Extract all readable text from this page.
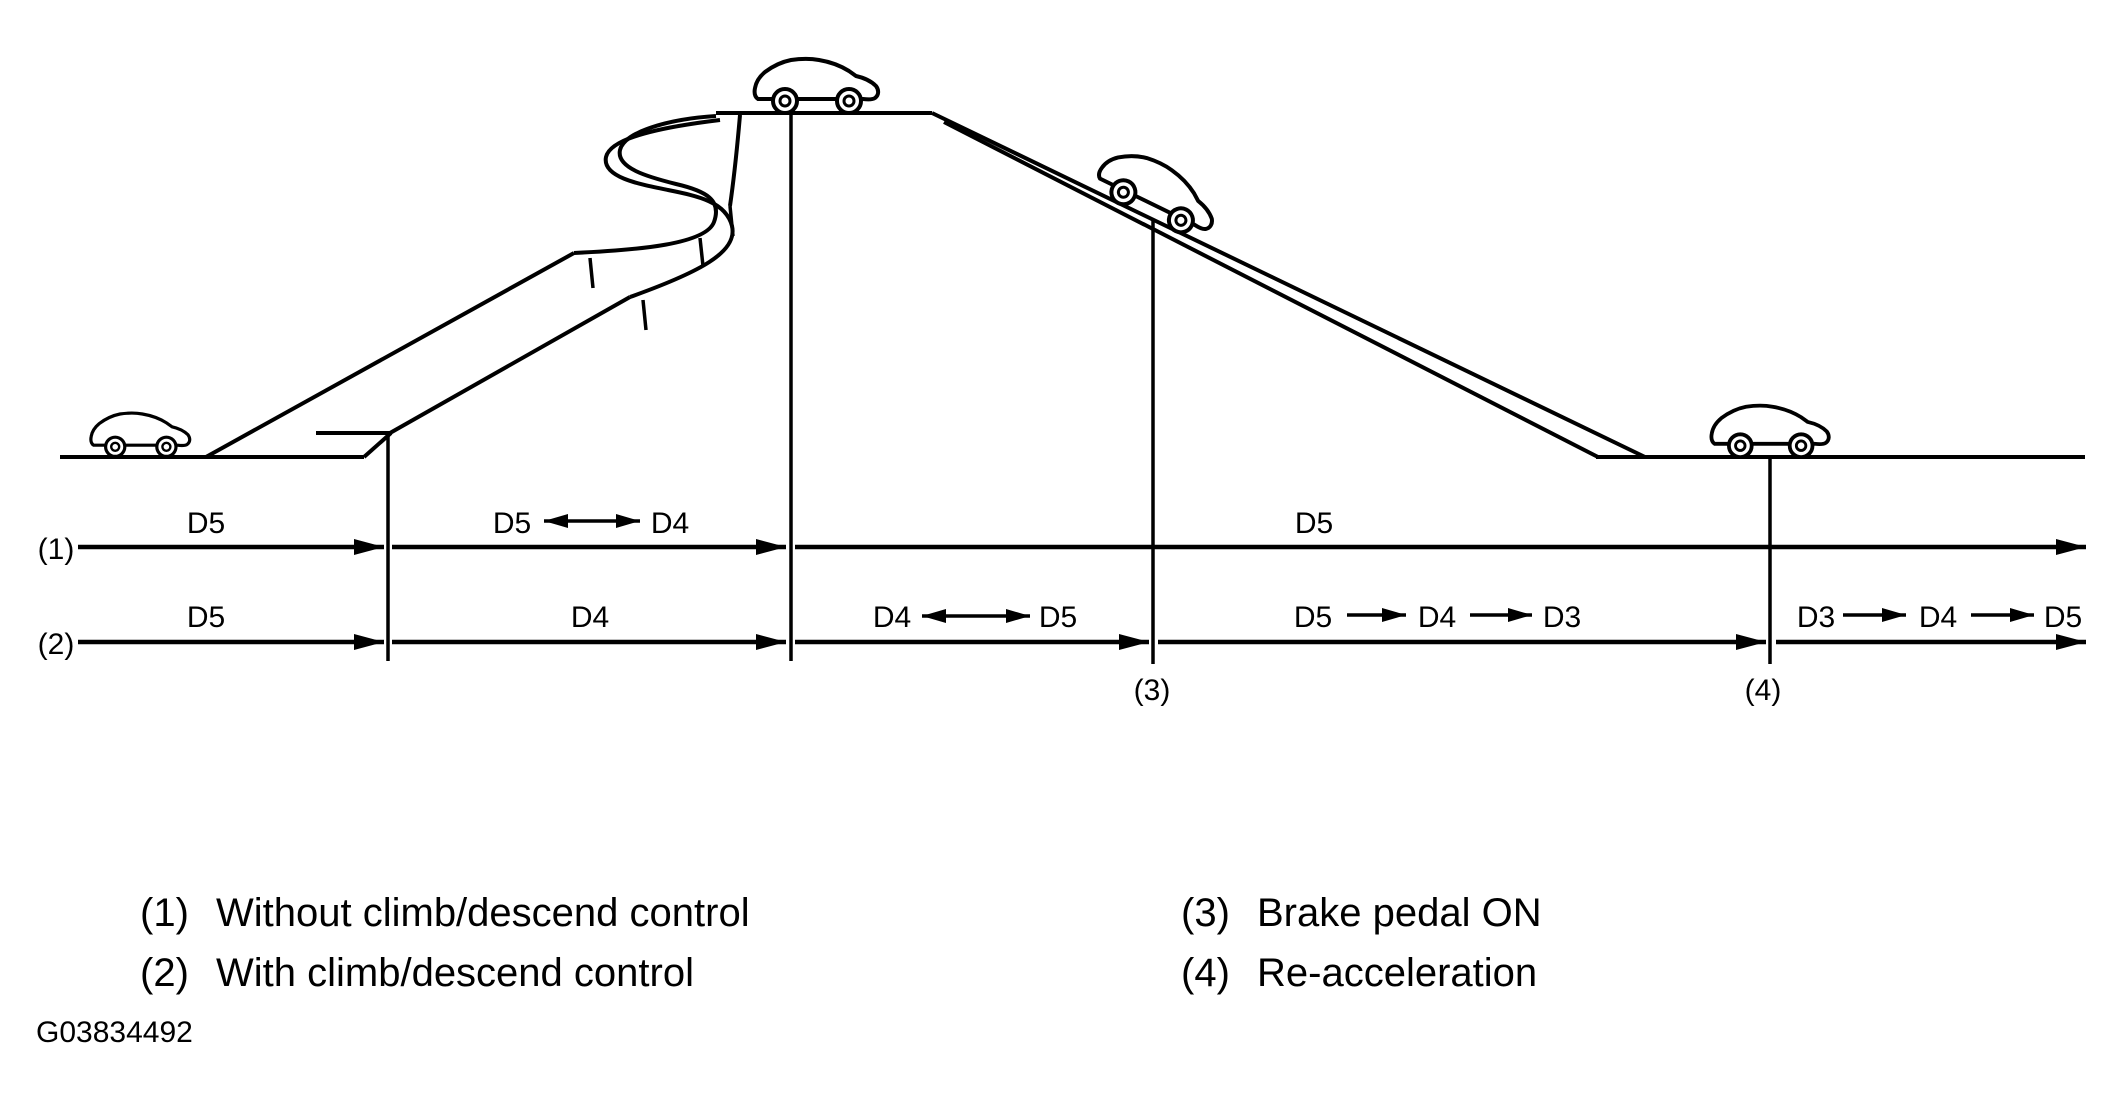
(1)
D5	D5	D4	D5
(2)
D5	D4	D4	D5	D5	D4	D3	D3	D4	D5
(3)	(4)
(1) Without climb/descend control
(2) With climb/descend control
(3) Brake pedal ON
(4) Re-acceleration
G03834492
